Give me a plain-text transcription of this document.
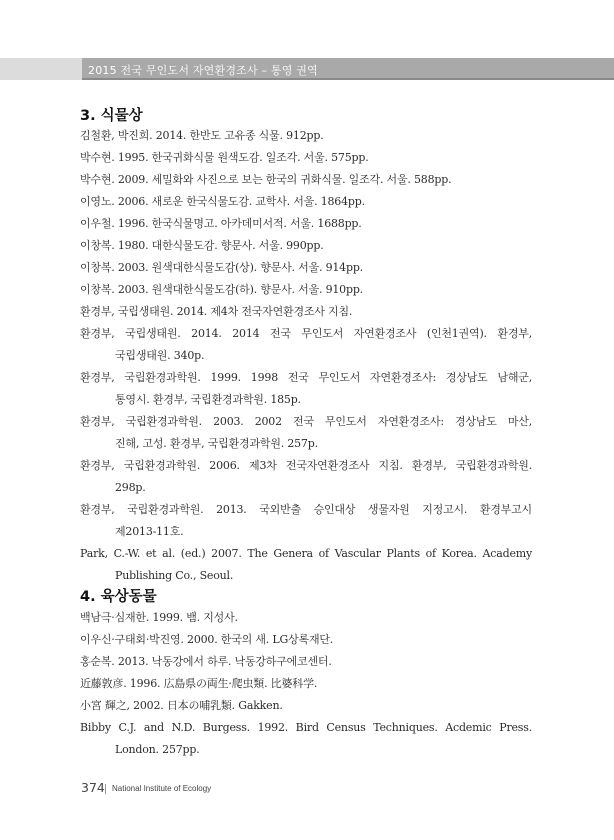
2015 전국 무인도서 자연환경조사 – 통영 권역
3. 식물상
김철환, 박진희. 2014. 한반도 고유종 식물. 912pp.
박수현. 1995. 한국귀화식물 원색도감. 일조각. 서울. 575pp.
박수현. 2009. 세밀화와 사진으로 보는 한국의 귀화식물. 일조각. 서울. 588pp.
이영노. 2006. 새로운 한국식물도감. 교학사. 서울. 1864pp.
이우철. 1996. 한국식물명고. 아카데미서적. 서울. 1688pp.
이창복. 1980. 대한식물도감. 향문사. 서울. 990pp.
이창복. 2003. 원색대한식물도감(상). 향문사. 서울. 914pp.
이창복. 2003. 원색대한식물도감(하). 향문사. 서울. 910pp.
환경부, 국립생태원. 2014. 제4차 전국자연환경조사 지침.
환경부, 국립생태원. 2014. 2014 전국 무인도서 자연환경조사 (인천1권역). 환경부,
국립생태원. 340p.
환경부, 국립환경과학원. 1999. 1998 전국 무인도서 자연환경조사: 경상남도 남해군,
통영시. 환경부, 국립환경과학원. 185p.
환경부, 국립환경과학원. 2003. 2002 전국 무인도서 자연환경조사: 경상남도 마산,
진해, 고성. 환경부, 국립환경과학원. 257p.
환경부, 국립환경과학원. 2006. 제3차 전국자연환경조사 지침. 환경부, 국립환경과학원.
298p.
환경부, 국립환경과학원. 2013. 국외반출 승인대상 생물자원 지정고시. 환경부고시
제2013-11호.
Park, C.-W. et al. (ed.) 2007. The Genera of Vascular Plants of Korea. Academy
Publishing Co., Seoul.
4. 육상동물
백남극·심재한. 1999. 뱀. 지성사.
이우신·구태회·박진영. 2000. 한국의 새. LG상록재단.
홍순복. 2013. 낙동강에서 하루. 낙동강하구에코센터.
近藤敦彦. 1996. 広島県の両生·爬虫類. 比婆科学.
小宮 輝之, 2002. 日本の哺乳類. Gakken.
Bibby C.J. and N.D. Burgess. 1992. Bird Census Techniques. Acdemic Press.
London. 257pp.
374 National Institute of Ecology
